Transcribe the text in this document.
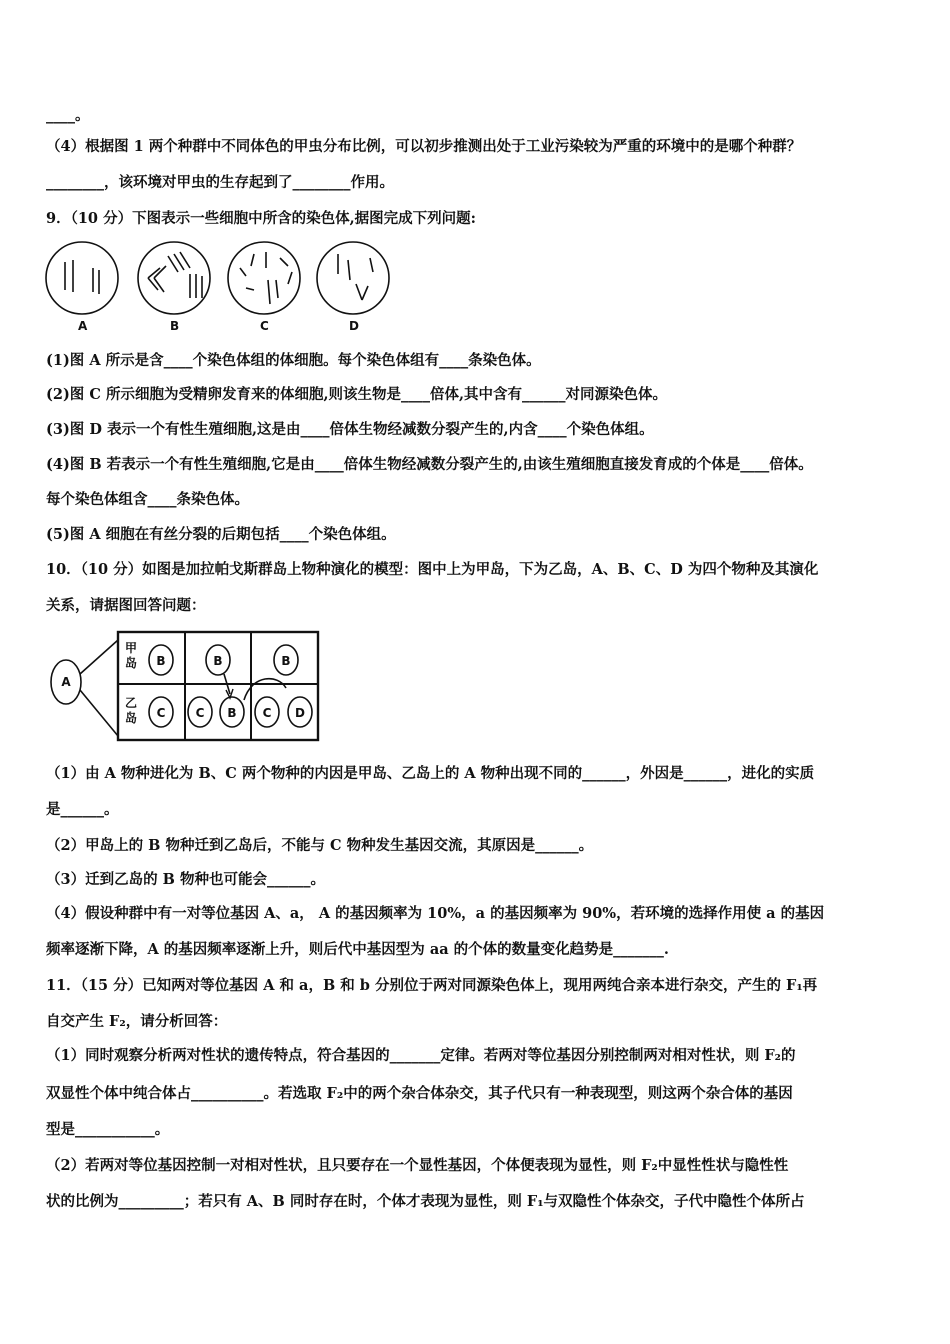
____。
（4）根据图 1 两个种群中不同体色的甲虫分布比例，可以初步推测出处于工业污染较为严重的环境中的是哪个种群？
________，该环境对甲虫的生存起到了________作用。
9．（10 分）下图表示一些细胞中所含的染色体,据图完成下列问题:
A	B	C	D
(1)图 A 所示是含____个染色体组的体细胞。每个染色体组有____条染色体。
(2)图 C 所示细胞为受精卵发育来的体细胞,则该生物是____倍体,其中含有______对同源染色体。
(3)图 D 表示一个有性生殖细胞,这是由____倍体生物经减数分裂产生的,内含____个染色体组。
(4)图 B 若表示一个有性生殖细胞,它是由____倍体生物经减数分裂产生的,由该生殖细胞直接发育成的个体是____倍体。
每个染色体组含____条染色体。
(5)图 A 细胞在有丝分裂的后期包括____个染色体组。
10．（10 分）如图是加拉帕戈斯群岛上物种演化的模型：图中上为甲岛，下为乙岛，A、B、C、D 为四个物种及其演化
关系，请据图回答问题：
A
B	B	B
C	C B C D
甲
岛
乙
岛
（1）由 A 物种进化为 B、C 两个物种的内因是甲岛、乙岛上的 A 物种出现不同的______，外因是______，进化的实质
是______。
（2）甲岛上的 B 物种迁到乙岛后，不能与 C 物种发生基因交流，其原因是______。
（3）迁到乙岛的 B 物种也可能会______。
（4）假设种群中有一对等位基因 A、a， A 的基因频率为 10%，a 的基因频率为 90%，若环境的选择作用使 a 的基因
频率逐渐下降，A 的基因频率逐渐上升，则后代中基因型为 aa 的个体的数量变化趋势是_______.
11．（15 分）已知两对等位基因 A 和 a，B 和 b 分别位于两对同源染色体上，现用两纯合亲本进行杂交，产生的 F₁再
自交产生 F₂，请分析回答：
（1）同时观察分析两对性状的遗传特点，符合基因的_______定律。若两对等位基因分别控制两对相对性状，则 F₂的
双显性个体中纯合体占__________。若选取 F₂中的两个杂合体杂交，其子代只有一种表现型，则这两个杂合体的基因
型是___________。
（2）若两对等位基因控制一对相对性状，且只要存在一个显性基因，个体便表现为显性，则 F₂中显性性状与隐性性
状的比例为_________；若只有 A、B 同时存在时，个体才表现为显性，则 F₁与双隐性个体杂交，子代中隐性个体所占
